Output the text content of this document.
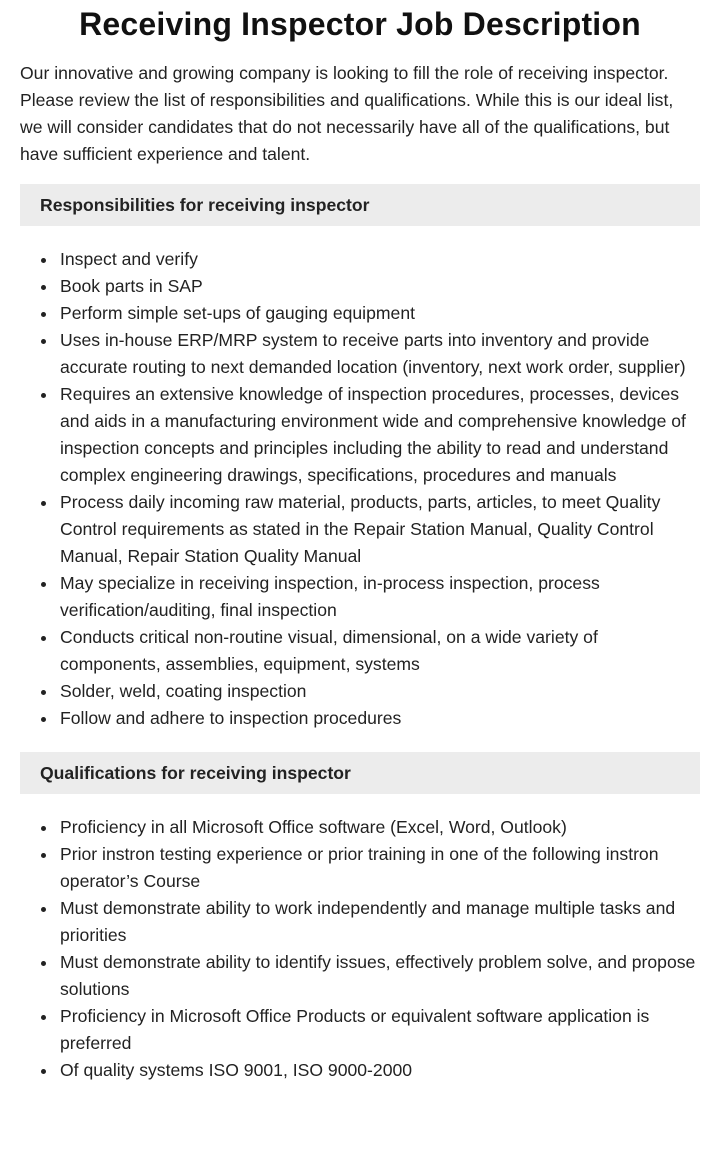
Receiving Inspector Job Description

Our innovative and growing company is looking to fill the role of receiving inspector. Please review the list of responsibilities and qualifications. While this is our ideal list, we will consider candidates that do not necessarily have all of the qualifications, but have sufficient experience and talent.

Responsibilities for receiving inspector
Inspect and verify
Book parts in SAP
Perform simple set-ups of gauging equipment
Uses in-house ERP/MRP system to receive parts into inventory and provide accurate routing to next demanded location (inventory, next work order, supplier)
Requires an extensive knowledge of inspection procedures, processes, devices and aids in a manufacturing environment wide and comprehensive knowledge of inspection concepts and principles including the ability to read and understand complex engineering drawings, specifications, procedures and manuals
Process daily incoming raw material, products, parts, articles, to meet Quality Control requirements as stated in the Repair Station Manual, Quality Control Manual, Repair Station Quality Manual
May specialize in receiving inspection, in-process inspection, process verification/auditing, final inspection
Conducts critical non-routine visual, dimensional, on a wide variety of components, assemblies, equipment, systems
Solder, weld, coating inspection
Follow and adhere to inspection procedures
Qualifications for receiving inspector
Proficiency in all Microsoft Office software (Excel, Word, Outlook)
Prior instron testing experience or prior training in one of the following instron operator’s Course
Must demonstrate ability to work independently and manage multiple tasks and priorities
Must demonstrate ability to identify issues, effectively problem solve, and propose solutions
Proficiency in Microsoft Office Products or equivalent software application is preferred
Of quality systems ISO 9001, ISO 9000-2000
